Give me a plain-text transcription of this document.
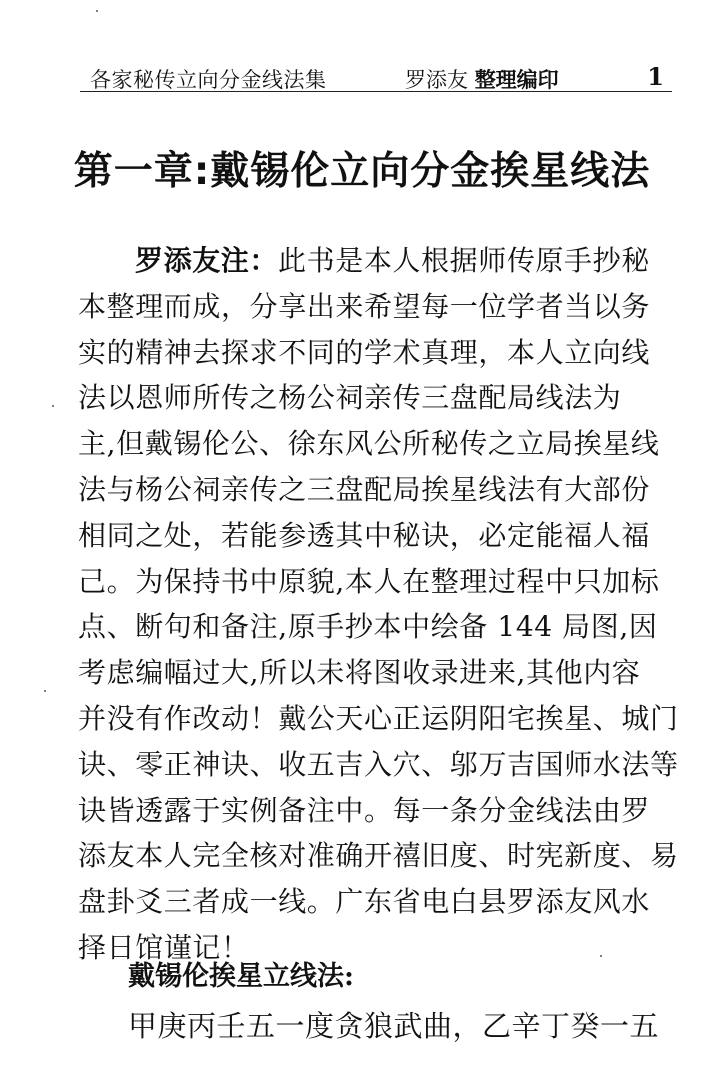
各家秘传立向分金线法集	罗添友 整理编印	1
第一章:戴锡伦立向分金挨星线法
罗添友注：此书是本人根据师传原手抄秘
本整理而成，分享出来希望每一位学者当以务
实的精神去探求不同的学术真理，本人立向线
法以恩师所传之杨公祠亲传三盘配局线法为
主,但戴锡伦公、徐东风公所秘传之立局挨星线
法与杨公祠亲传之三盘配局挨星线法有大部份
相同之处，若能参透其中秘诀，必定能福人福
己。为保持书中原貌,本人在整理过程中只加标
点、断句和备注,原手抄本中绘备 144 局图,因
考虑编幅过大,所以未将图收录进来,其他内容
并没有作改动！戴公天心正运阴阳宅挨星、城门
诀、零正神诀、收五吉入穴、邬万吉国师水法等
诀皆透露于实例备注中。每一条分金线法由罗
添友本人完全核对准确开禧旧度、时宪新度、易
盘卦爻三者成一线。广东省电白县罗添友风水
择日馆谨记！
戴锡伦挨星立线法:
甲庚丙壬五一度贪狼武曲，乙辛丁癸一五
